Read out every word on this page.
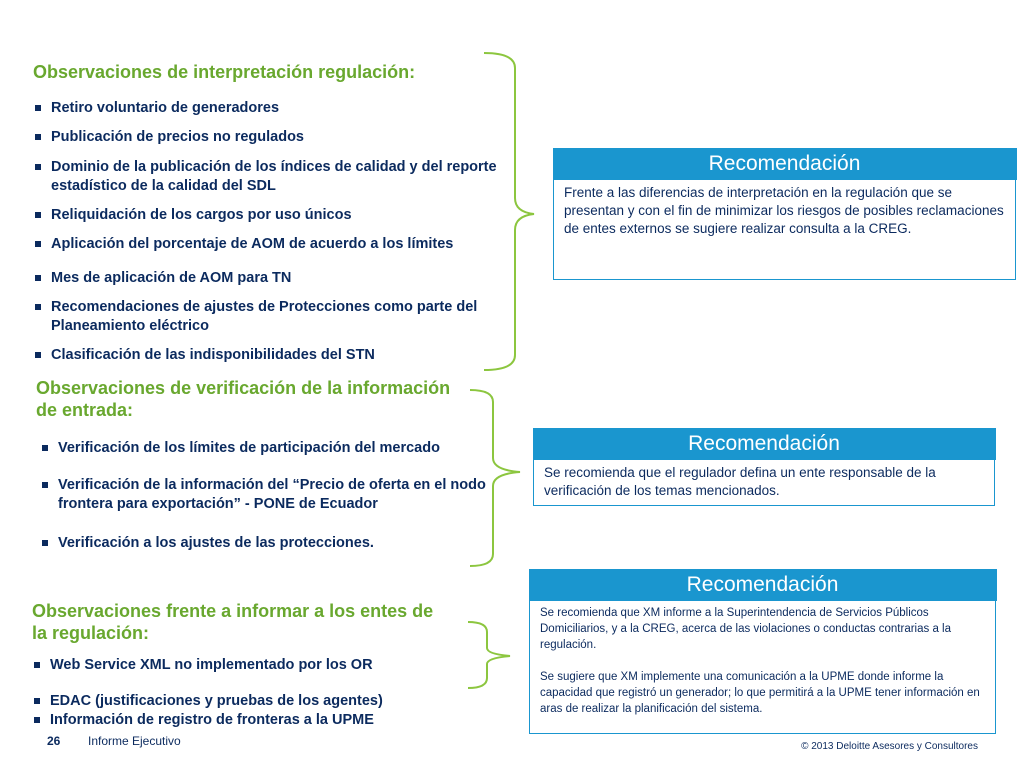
Observaciones de interpretación regulación:
Retiro voluntario de generadores
Publicación de precios no regulados
Dominio de la publicación de los índices de calidad y del reporte estadístico de la calidad del SDL
Reliquidación de los cargos por uso únicos
Aplicación del porcentaje de AOM de acuerdo a los límites
Mes de aplicación de AOM para TN
Recomendaciones de ajustes de Protecciones como parte del Planeamiento eléctrico
Clasificación de las indisponibilidades del STN
Recomendación

Frente a las diferencias de interpretación en la regulación que se presentan y con el fin de minimizar los riesgos de posibles reclamaciones de entes externos se sugiere realizar consulta a la CREG.

Observaciones de verificación de la información de entrada:
Verificación de los límites de participación del mercado
Verificación de la información del “Precio de oferta en el nodo frontera para exportación” - PONE de Ecuador
Verificación a los ajustes de las protecciones.
Recomendación

Se recomienda que el regulador defina un ente responsable de la verificación de los temas mencionados.

Observaciones frente a informar a los entes de la regulación:
Web Service XML no implementado por los OR
EDAC (justificaciones y pruebas de los agentes)
Información de registro de fronteras a la UPME
Recomendación

Se recomienda que XM informe a la Superintendencia de Servicios Públicos Domiciliarios, y a la CREG, acerca de las violaciones o conductas contrarias a la regulación.

Se sugiere que XM implemente una comunicación a la UPME donde informe la capacidad que registró un generador; lo que permitirá a la UPME tener información en aras de realizar la planificación del sistema.

26 Informe Ejecutivo	© 2013 Deloitte Asesores y Consultores
